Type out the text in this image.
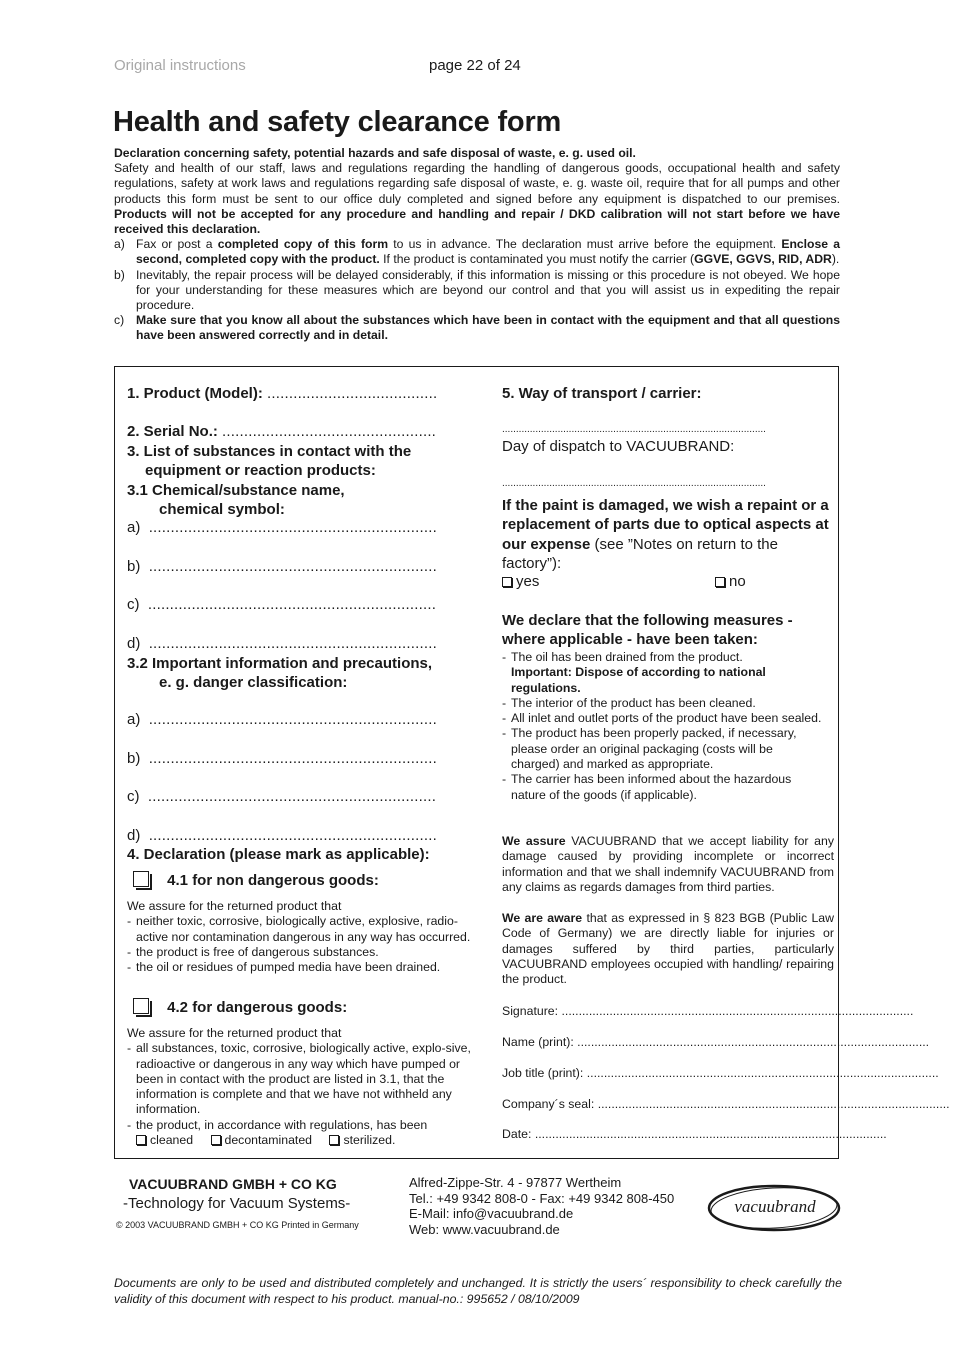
Original instructions	page 22 of 24
Health and safety clearance form

Declaration concerning safety, potential hazards and safe disposal of waste, e. g. used oil.

Safety and health of our staff, laws and regulations regarding the handling of dangerous goods, occupational health and safety regulations, safety at work laws and regulations regarding safe disposal of waste, e. g. waste oil, require that for all pumps and other products this form must be sent to our office duly completed and signed before any equipment is dispatched to our premises. Products will not be accepted for any procedure and handling and repair / DKD calibration will not start before we have received this declaration.

a) Fax or post a completed copy of this form to us in advance. The declaration must arrive before the equipment. Enclose a second, completed copy with the product. If the product is contaminated you must notify the carrier (GGVE, GGVS, RID, ADR).
b) Inevitably, the repair process will be delayed considerably, if this information is missing or this procedure is not obeyed. We hope for your understanding for these measures which are beyond our control and that you will assist us in expediting the repair procedure.
c) Make sure that you know all about the substances which have been in contact with the equipment and that all questions have been answered correctly and in detail.
1. Product (Model): .......................................
2. Serial No.: .................................................
3. List of substances in contact with the
equipment or reaction products:
3.1 Chemical/substance name,
chemical symbol:
a) ..................................................................
b) ..................................................................
c) ..................................................................
d) ..................................................................
3.2 Important information and precautions,
e. g. danger classification:
a) ..................................................................
b) ..................................................................
c) ..................................................................
d) ..................................................................
4. Declaration (please mark as applicable):
4.1 for non dangerous goods:

We assure for the returned product that

- neither toxic, corrosive, biologically active, explosive, radio-active nor contamination dangerous in any way has occurred.
- the product is free of dangerous substances.
- the oil or residues of pumped media have been drained.
4.2 for dangerous goods:

We assure for the returned product that

- all substances, toxic, corrosive, biologically active, explo-sive, radioactive or dangerous in any way which have pumped or been in contact with the product are listed in 3.1, that the information is complete and that we have not withheld any information.
- the product, in accordance with regulations, has been
cleaned	decontaminated	sterilized.
5. Way of transport / carrier:
...............................................................................................
Day of dispatch to VACUUBRAND:
...............................................................................................
If the paint is damaged, we wish a repaint or a replacement of parts due to optical aspects at our expense (see ”Notes on return to the factory”):
yes	no
We declare that the following measures - where applicable - have been taken:
- The oil has been drained from the product.
Important: Dispose of according to national regulations.
- The interior of the product has been cleaned.
- All inlet and outlet ports of the product have been sealed.
- The product has been properly packed, if necessary, please order an original packaging (costs will be charged) and marked as appropriate.
- The carrier has been informed about the hazardous nature of the goods (if applicable).
We assure VACUUBRAND that we accept liability for any damage caused by providing incomplete or incorrect information and that we shall indemnify VACUUBRAND from any claims as regards damages from third parties.
We are aware that as expressed in § 823 BGB (Public Law Code of Germany) we are directly liable for injuries or damages suffered by third parties, particularly VACUUBRAND employees occupied with handling/ repairing the product.
Signature: .......................................................................................................
Name (print): .......................................................................................................
Job title (print): .......................................................................................................
Company´s seal: .......................................................................................................
Date: .......................................................................................................
VACUUBRAND GMBH + CO KG
-Technology for Vacuum Systems-
© 2003 VACUUBRAND GMBH + CO KG Printed in Germany
Alfred-Zippe-Str. 4 - 97877 Wertheim
Tel.: +49 9342 808-0 - Fax: +49 9342 808-450
E-Mail: info@vacuubrand.de
Web: www.vacuubrand.de
vacuubrand
Documents are only to be used and distributed completely and unchanged. It is strictly the users´ responsibility to check carefully the validity of this document with respect to his product. manual-no.: 995652 / 08/10/2009
